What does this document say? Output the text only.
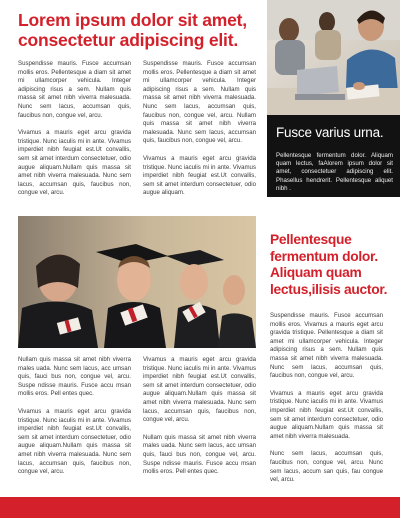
Lorem ipsum dolor sit amet, consectetur adipiscing elit.

Suspendisse mauris. Fusce accumsan mollis eros. Pellentesque a diam sit amet mi ullamcorper vehicula. Integer adipiscing risus a sem. Nullam quis massa sit amet nibh viverra malesuada. Nunc sem lacus, accumsan quis, faucibus non, congue vel, arcu.

Vivamus a mauris eget arcu gravida tristique. Nunc iaculis mi in ante. Vivamus imperdiet nibh feugiat est.Ut convallis, sem sit amet interdum consectetuer, odio augue aliquam.Nullam quis massa sit amet nibh viverra malesuada. Nunc sem lacus, accumsan quis, faucibus non, congue vel, arcu.

Suspendisse mauris. Fusce accumsan mollis eros. Pellentesque a diam sit amet mi ullamcorper vehicula. Integer adipiscing risus a sem. Nullam quis massa sit amet nibh viverra malesuada. Nunc sem lacus, accumsan quis, faucibus non, congue vel, arcu. Nullam quis massa sit amet nibh viverra malesuada. Nunc sem lacus, accumsan quis, faucibus non, congue vel, arcu.

Vivamus a mauris eget arcu gravida tristique. Nunc iaculis mi in ante. Vivamus imperdiet nibh feugiat est.Ut convallis, sem sit amet interdum consectetuer, odio augue aliquam.

Fusce varius urna.
Pellentesque fermentum dolor. Aliquam quam lectus, faAlorem ipsum dolor sit amet, consectetuer adipiscing elit. Phasellus hendrerit. Pellentesque aliquet nibh .
Pellentesque fermentum dolor. Aliquam quam lectus,ilisis auctor.

Suspendisse mauris. Fusce accumsan mollis eros. Vivamus a mauris eget arcu gravida tristique. Pellentesque a diam sit amet mi ullamcorper vehicula. Integer adipiscing risus a sem. Nullam quis massa sit amet nibh viverra malesuada. Nunc sem lacus, accumsan quis, faucibus non, congue vel, arcu.

Vivamus a mauris eget arcu gravida tristique. Nunc iaculis mi in ante. Vivamus imperdiet nibh feugiat est.Ut convallis, sem sit amet interdum consectetuer, odio augue aliquam.Nullam quis massa sit amet nibh viverra malesuada.

Nunc sem lacus, accumsan quis, faucibus non, congue vel, arcu. Nunc sem lacus, accum san quis, fau congue vel, arcu.

Nullam quis massa sit amet nibh viverra males uada. Nunc sem lacus, acc umsan quis, fauci bus non, congue vel, arcu. Suspe ndisse mauris. Fusce accu msan mollis eros. Pell entes quec.

Vivamus a mauris eget arcu gravida tristique. Nunc iaculis mi in ante. Vivamus imperdiet nibh feugiat est.Ut convallis, sem sit amet interdum consectetuer, odio augue aliquam.Nullam quis massa sit amet nibh viverra malesuada. Nunc sem lacus, accumsan quis, faucibus non, congue vel, arcu.

Vivamus a mauris eget arcu gravida tristique. Nunc iaculis mi in ante. Vivamus imperdiet nibh feugiat est.Ut convallis, sem sit amet interdum consectetuer, odio augue aliquam.Nullam quis massa sit amet nibh viverra malesuada. Nunc sem lacus, accumsan quis, faucibus non, congue vel, arcu.

Nullam quis massa sit amet nibh viverra males uada. Nunc sem lacus, acc umsan quis, fauci bus non, congue vel, arcu. Suspe ndisse mauris. Fusce accu msan mollis eros. Pell entes quec.
